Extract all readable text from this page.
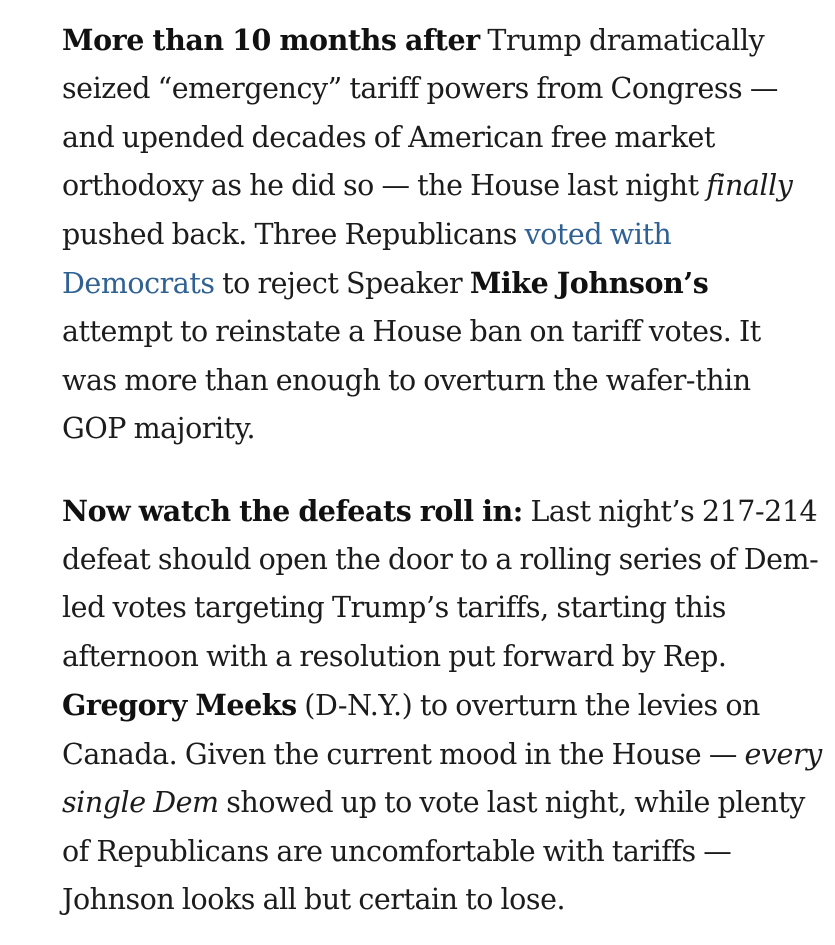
More than 10 months after Trump dramatically seized “emergency” tariff powers from Congress — and upended decades of American free market orthodoxy as he did so — the House last night finally pushed back. Three Republicans voted with Democrats to reject Speaker Mike Johnson’s attempt to reinstate a House ban on tariff votes. It was more than enough to overturn the wafer-thin GOP majority.

Now watch the defeats roll in: Last night’s 217-214 defeat should open the door to a rolling series of Dem-led votes targeting Trump’s tariffs, starting this afternoon with a resolution put forward by Rep. Gregory Meeks (D-N.Y.) to overturn the levies on Canada. Given the current mood in the House — every single Dem showed up to vote last night, while plenty of Republicans are uncomfortable with tariffs — Johnson looks all but certain to lose.
